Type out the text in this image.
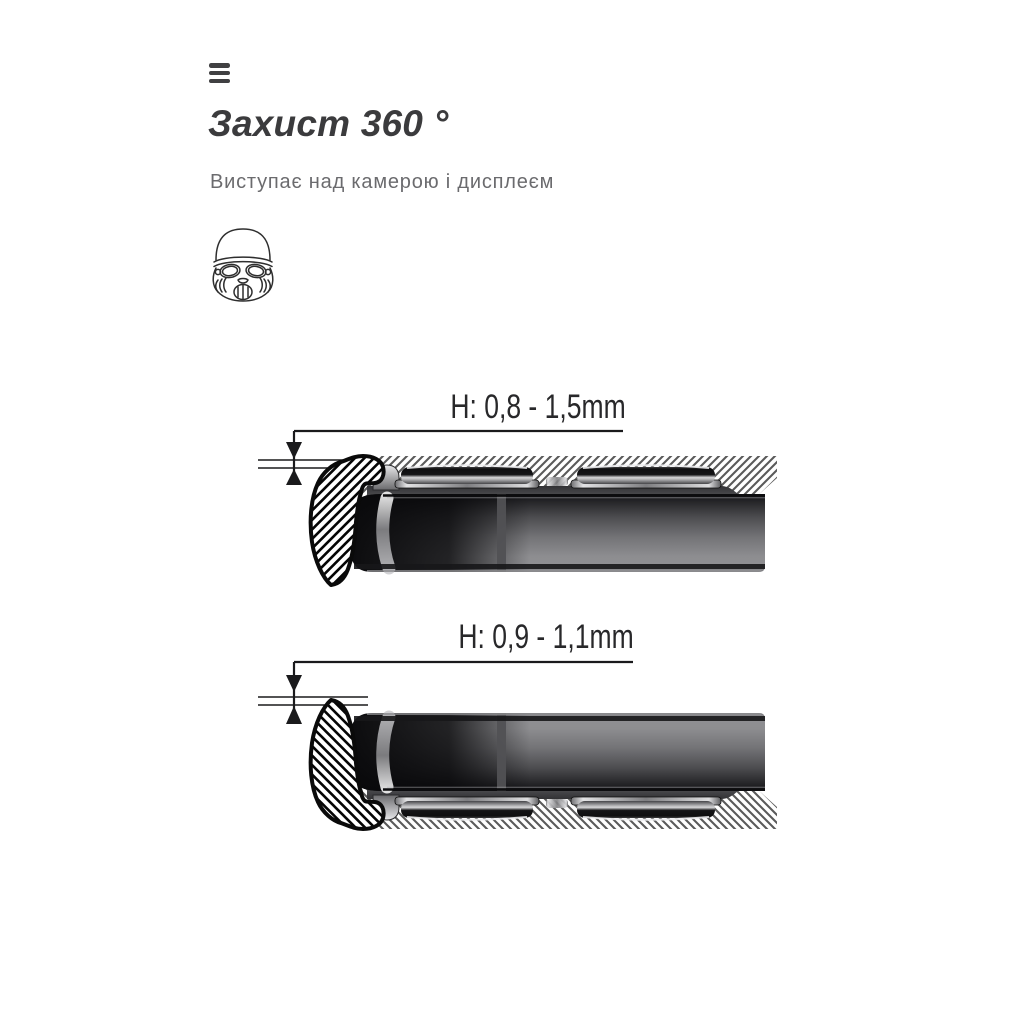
Захист 360 °

Виступає над камерою і дисплеєм

H: 0,8 - 1,5mm
H: 0,9 - 1,1mm
